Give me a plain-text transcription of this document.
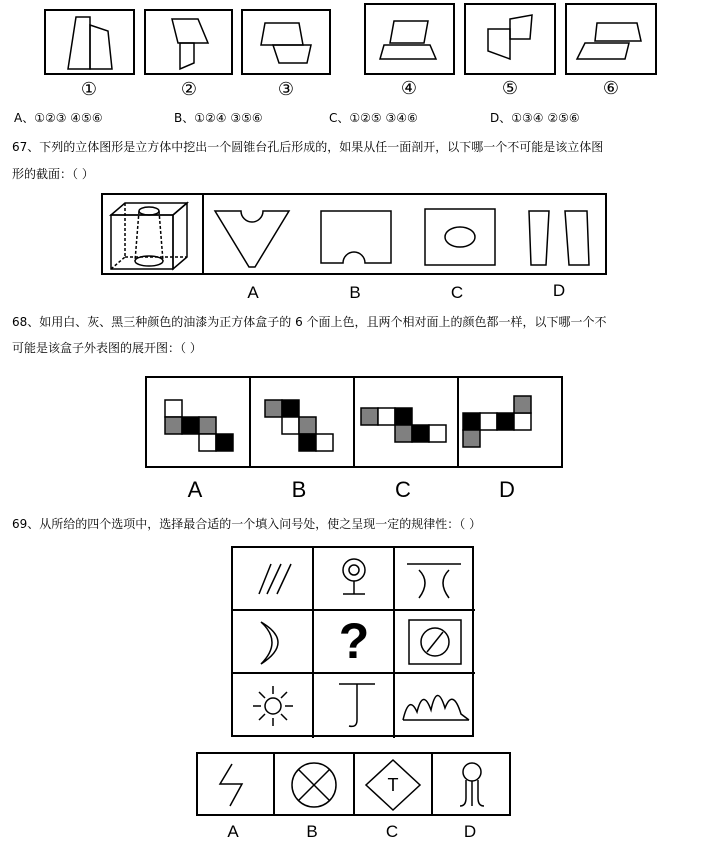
①	②	③	④	⑤	⑥
A、①②③ ④⑤⑥	B、①②④ ③⑤⑥	C、①②⑤ ③④⑥	D、①③④ ②⑤⑥
67、下列的立体图形是立方体中挖出一个圆锥台孔后形成的，如果从任一面剖开，以下哪一个不可能是该立体图
形的截面：（ ）
A	B	C	D
68、如用白、灰、黑三种颜色的油漆为正方体盒子的 6 个面上色，且两个相对面上的颜色都一样，以下哪一个不
可能是该盒子外表图的展开图：（ ）
A	B	C	D
69、从所给的四个选项中，选择最合适的一个填入问号处，使之呈现一定的规律性：（ ）
?
T
A	B	C	D
